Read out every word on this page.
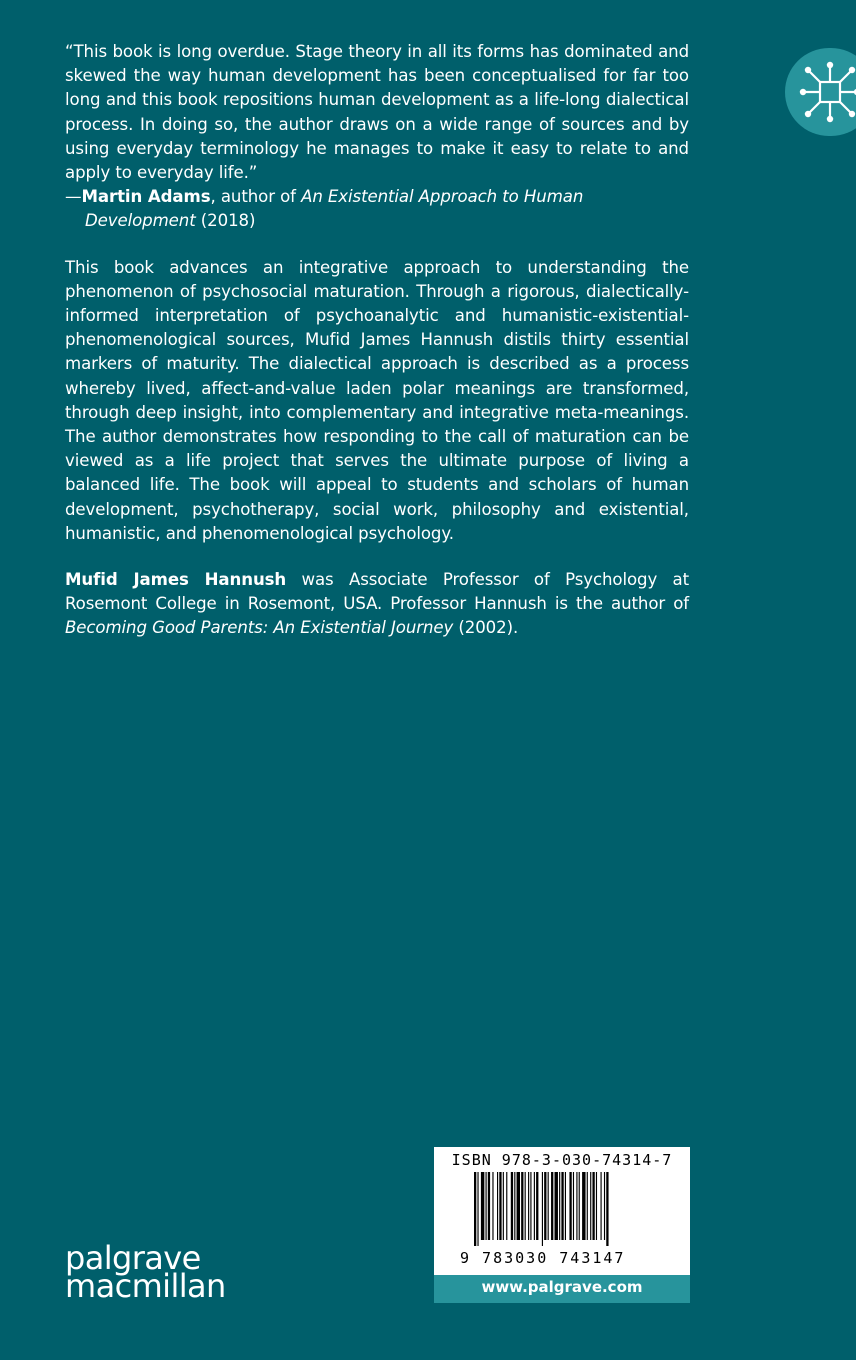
“This book is long overdue. Stage theory in all its forms has dominated and skewed the way human development has been conceptualised for far too long and this book repositions human development as a life-long dialectical process. In doing so, the author draws on a wide range of sources and by using everyday terminology he manages to make it easy to relate to and apply to everyday life.”

—Martin Adams, author of An Existential Approach to Human
Development (2018)

This book advances an integrative approach to understanding the phenomenon of psychosocial maturation. Through a rigorous, dialectically-informed interpretation of psychoanalytic and humanistic-existential-phenomenological sources, Mufid James Hannush distils thirty essential markers of maturity. The dialectical approach is described as a process whereby lived, affect-and-value laden polar meanings are transformed, through deep insight, into complementary and integrative meta-meanings. The author demonstrates how responding to the call of maturation can be viewed as a life project that serves the ultimate purpose of living a balanced life. The book will appeal to students and scholars of human development, psychotherapy, social work, philosophy and existential, humanistic, and phenomenological psychology.

Mufid James Hannush was Associate Professor of Psychology at Rosemont College in Rosemont, USA. Professor Hannush is the author of Becoming Good Parents: An Existential Journey (2002).

palgrave
macmillan
ISBN 978-3-030-74314-7
9 783030 743147
www.palgrave.com
